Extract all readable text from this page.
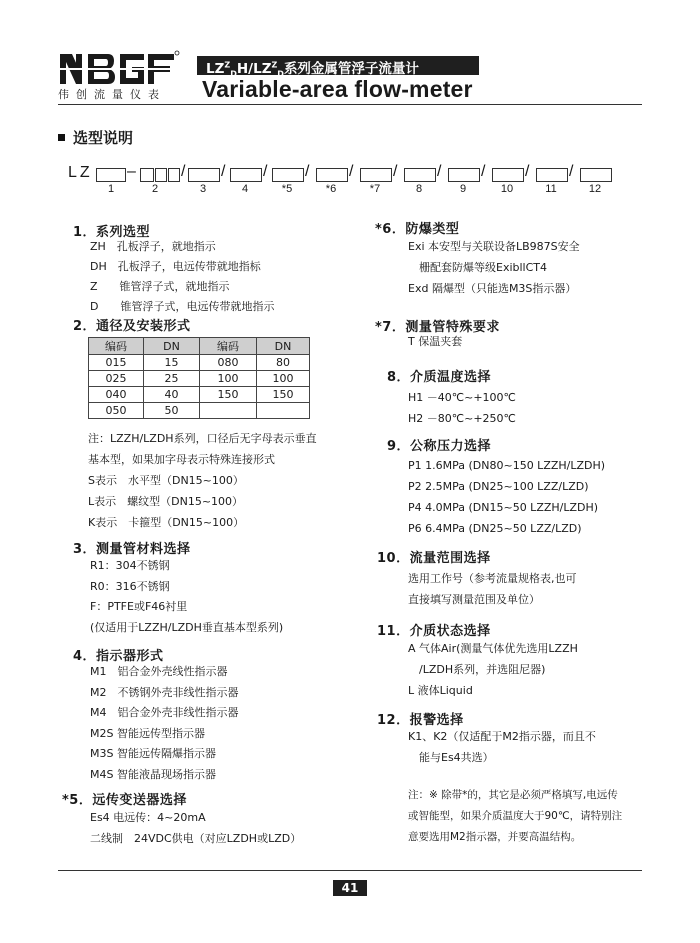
伟创流量仪表
$LZ^Z_DH/LZ^Z_D$系列金属管浮子流量计
Variable-area flow-meter
选型说明
LZ –	/ / / / / / / / / /
1	2	3	4	*5	*6	*7	8	9	10	11	12
1．系列选型
ZH　孔板浮子，就地指示
DH　孔板浮子，电远传带就地指标
Z　　锥管浮子式，就地指示
D　　锥管浮子式，电远传带就地指示
2．通径及安装形式
编码	DN	编码	DN
015	15	080	80
025	25	100	100
040	40	150	150
050	50		
注：LZZH/LZDH系列，口径后无字母表示垂直
基本型，如果加字母表示特殊连接形式
S表示　水平型（DN15~100）
L表示　螺纹型（DN15~100）
K表示　卡箍型（DN15~100）
3．测量管材料选择
R1：304不锈钢
R0：316不锈钢
F：PTFE或F46衬里
(仅适用于LZZH/LZDH垂直基本型系列)
4．指示器形式
M1　铝合金外壳线性指示器
M2　不锈钢外壳非线性指示器
M4　铝合金外壳非线性指示器
M2S 智能远传型指示器
M3S 智能远传隔爆指示器
M4S 智能液晶现场指示器
*5．远传变送器选择
Es4 电远传：4~20mA
二线制　24VDC供电（对应LZDH或LZD）
*6．防爆类型
Exi 本安型与关联设备LB987S安全
　栅配套防爆等级ExibllCT4
Exd 隔爆型（只能选M3S指示器）
*7．测量管特殊要求
T 保温夹套
8．介质温度选择
H1 －40℃~+100℃
H2 －80℃~+250℃
9．公称压力选择
P1 1.6MPa (DN80~150 LZZH/LZDH)
P2 2.5MPa (DN25~100 LZZ/LZD)
P4 4.0MPa (DN15~50 LZZH/LZDH)
P6 6.4MPa (DN25~50 LZZ/LZD)
10．流量范围选择
选用工作号（参考流量规格表,也可
直接填写测量范围及单位）
11．介质状态选择
A 气体Air(测量气体优先选用LZZH
　/LZDH系列，并选阻尼器)
L 液体Liquid
12．报警选择
K1、K2（仅适配于M2指示器，而且不
　能与Es4共选）
注：※ 除带*的，其它是必须严格填写,电远传
或智能型，如果介质温度大于90℃，请特别注
意要选用M2指示器，并要高温结构。
41
